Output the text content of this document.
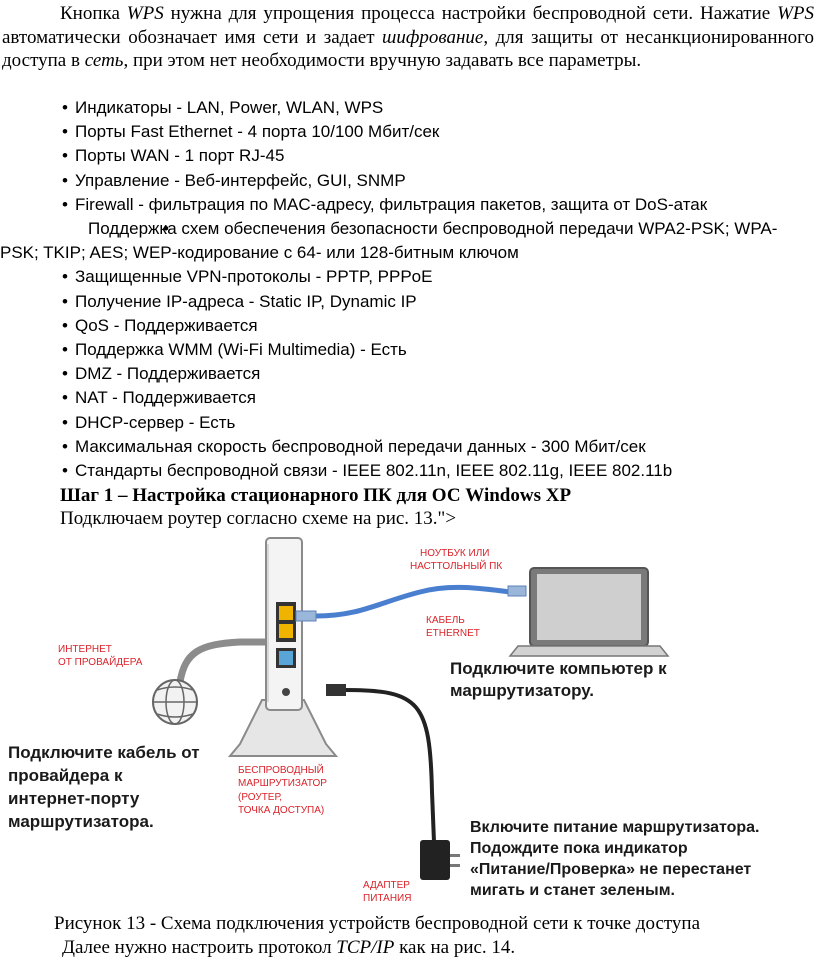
Кнопка WPS нужна для упрощения процесса настройки беспроводной сети. Нажатие WPS автоматически обозначает имя сети и задает шифрование, для защиты от несанкционированного доступа в сеть, при этом нет необходимости вручную задавать все параметры.

• Индикаторы - LAN, Power, WLAN, WPS
• Порты Fast Ethernet - 4 порта 10/100 Мбит/сек
• Порты WAN - 1 порт RJ-45
• Управление - Веб-интерфейс, GUI, SNMP
• Firewall - фильтрация по MAC-адресу, фильтрация пакетов, защита от DoS-атак
• Поддержка схем обеспечения безопасности беспроводной передачи WPA2-PSK; WPA-PSK; TKIP; AES; WEP-кодирование с 64- или 128-битным ключом
• Защищенные VPN-протоколы - PPTP, PPPoE
• Получение IP-адреса - Static IP, Dynamic IP
• QoS - Поддерживается
• Поддержка WMM (Wi-Fi Multimedia) - Есть
• DMZ - Поддерживается
• NAT - Поддерживается
• DHCP-сервер - Есть
• Максимальная скорость беспроводной передачи данных - 300 Мбит/сек
• Стандарты беспроводной связи - IEEE 802.11n, IEEE 802.11g, IEEE 802.11b
Шаг 1 – Настройка стационарного ПК для ОС Windows XP
Подключаем роутер согласно схеме на рис. 13.">
НОУТБУК ИЛИ
НАСТТОЛЬНЫЙ ПК
КАБЕЛЬ
ETHERNET
Подключите компьютер к
маршрутизатору.
ИНТЕРНЕТ
ОТ ПРОВАЙДЕРА
Подключите кабель от
провайдера к
интернет-порту
маршрутизатора.
БЕСПРОВОДНЫЙ
МАРШРУТИЗАТОР
(РОУТЕР,
ТОЧКА ДОСТУПА)
Включите питание маршрутизатора.
Подождите пока индикатор
«Питание/Проверка» не перестанет
мигать и станет зеленым.
АДАПТЕР
ПИТАНИЯ
Рисунок 13 - Схема подключения устройств беспроводной сети к точке доступа
Далее нужно настроить протокол TCP/IP как на рис. 14.
